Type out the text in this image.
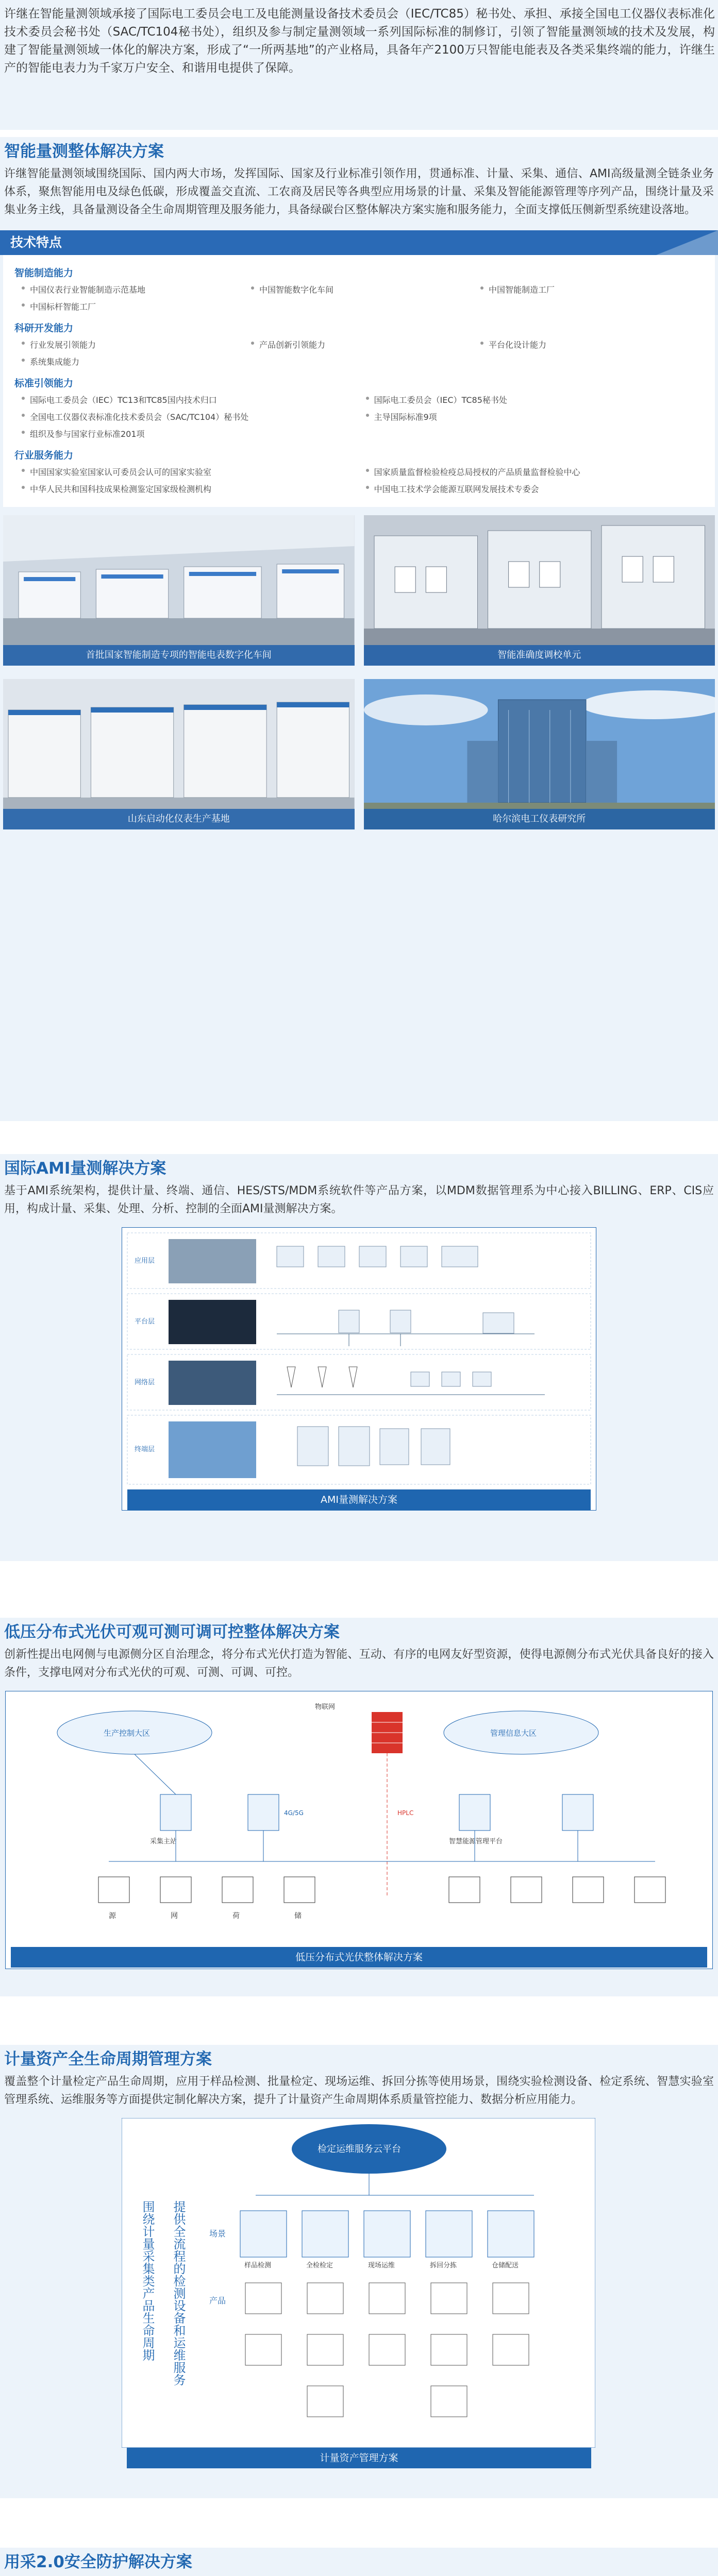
许继在智能量测领域承接了国际电工委员会电工及电能测量设备技术委员会（IEC/TC85）秘书处、承担、承接全国电工仪器仪表标准化技术委员会秘书处（SAC/TC104秘书处），组织及参与制定量测领域一系列国际标准的制修订，引领了智能量测领域的技术及发展，构建了智能量测领域一体化的解决方案，形成了“一所两基地”的产业格局，具备年产2100万只智能电能表及各类采集终端的能力，许继生产的智能电表力为千家万户安全、和谐用电提供了保障。

智能量测整体解决方案

许继智能量测领域围绕国际、国内两大市场，发挥国际、国家及行业标准引领作用，贯通标准、计量、采集、通信、AMI高级量测全链条业务体系，聚焦智能用电及绿色低碳，形成覆盖交直流、工农商及居民等各典型应用场景的计量、采集及智能能源管理等序列产品，围绕计量及采集业务主线，具备量测设备全生命周期管理及服务能力，具备绿碳台区整体解决方案实施和服务能力，全面支撑低压侧新型系统建设落地。

技术特点
智能制造能力
中国仪表行业智能制造示范基地	中国智能数字化车间	中国智能制造工厂
中国标杆智能工厂
科研开发能力
行业发展引领能力	产品创新引领能力	平台化设计能力
系统集成能力
标准引领能力
国际电工委员会（IEC）TC13和TC85国内技术归口	国际电工委员会（IEC）TC85秘书处
全国电工仪器仪表标准化技术委员会（SAC/TC104）秘书处	主导国际标准9项
组织及参与国家行业标准201项
行业服务能力
中国国家实验室国家认可委员会认可的国家实验室	国家质量监督检验检疫总局授权的产品质量监督检验中心
中华人民共和国科技成果检测鉴定国家级检测机构	中国电工技术学会能源互联网发展技术专委会
首批国家智能制造专项的智能电表数字化车间	智能准确度调校单元
山东启动化仪表生产基地	哈尔滨电工仪表研究所
国际AMI量测解决方案

基于AMI系统架构，提供计量、终端、通信、HES/STS/MDM系统软件等产品方案，以MDM数据管理系为中心接入BILLING、ERP、CIS应用，构成计量、采集、处理、分析、控制的全面AMI量测解决方案。

应用层
平台层
网络层
终端层
AMI量测解决方案
低压分布式光伏可观可测可调可控整体解决方案

创新性提出电网侧与电源侧分区自治理念，将分布式光伏打造为智能、互动、有序的电网友好型资源，使得电源侧分布式光伏具备良好的接入条件，支撑电网对分布式光伏的可观、可测、可调、可控。

生产控制大区	管理信息大区
物联网
采集主站	智慧能源管理平台
4G/5G	HPLC
源	网	荷	储
低压分布式光伏整体解决方案
计量资产全生命周期管理方案

覆盖整个计量检定产品生命周期，应用于样品检测、批量检定、现场运维、拆回分拣等使用场景，围绕实验检测设备、检定系统、智慧实验室管理系统、运维服务等方面提供定制化解决方案，提升了计量资产生命周期体系质量管控能力、数据分析应用能力。

检定运维服务云平台
围绕计量采集类产品生命周期 提供全流程的检测设备和运维服务	场景
产品
样品检测	全检检定	现场运维	拆回分拣	仓储配送
计量资产管理方案
用采2.0安全防护解决方案
